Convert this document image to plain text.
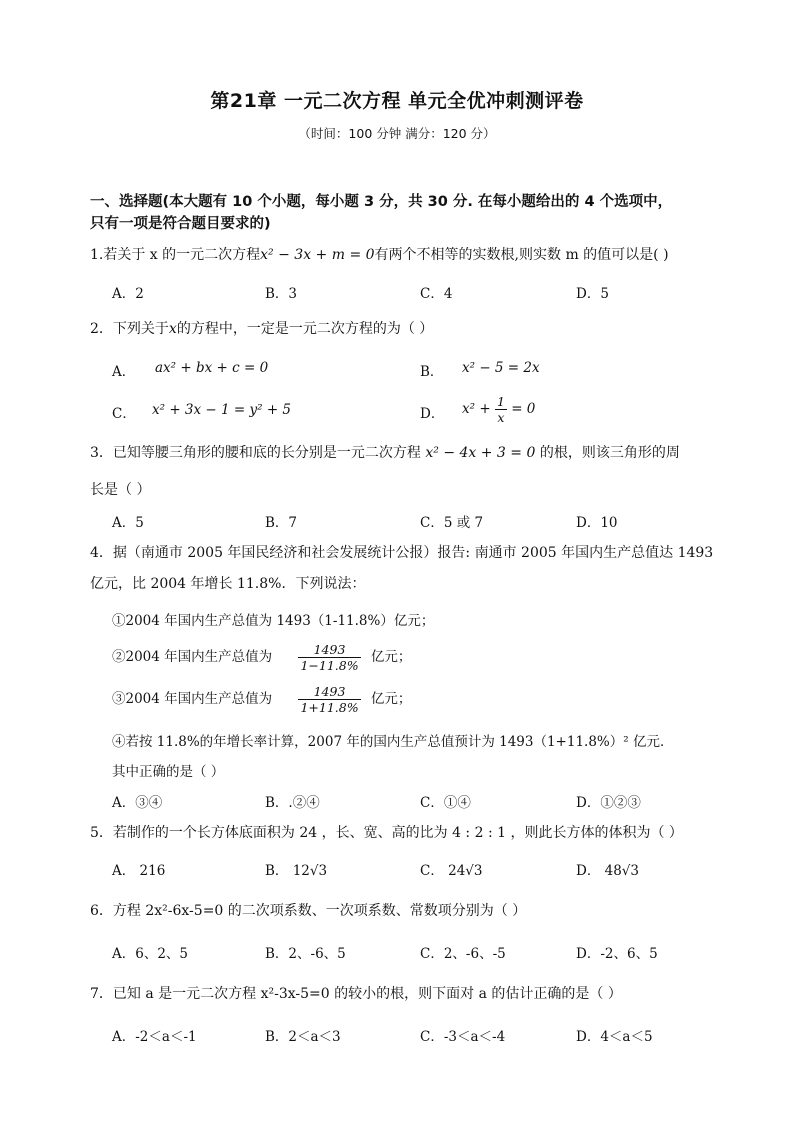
第21章 一元二次方程 单元全优冲刺测评卷
（时间：100 分钟 满分：120 分）
一、选择题(本大题有 10 个小题，每小题 3 分，共 30 分. 在每小题给出的 4 个选项中，
只有一项是符合题目要求的)
1.若关于 x 的一元二次方程x² − 3x + m = 0有两个不相等的实数根,则实数 m 的值可以是( )
A．2	B．3	C．4	D．5
2．下列关于x的方程中，一定是一元二次方程的为（ ）
A． ax² + bx + c = 0	B． x² − 5 = 2x
C． x² + 3x − 1 = y² + 5	D． $x^2 + \frac{1}{x} = 0$
3．已知等腰三角形的腰和底的长分别是一元二次方程 x² − 4x + 3 = 0 的根，则该三角形的周
长是（ ）
A．5	B．7	C．5 或 7	D．10
4．据（南通市 2005 年国民经济和社会发展统计公报）报告: 南通市 2005 年国内生产总值达 1493
亿元，比 2004 年增长 11.8%．下列说法：
①2004 年国内生产总值为 1493（1-11.8%）亿元；
②2004 年国内生产总值为 $\frac{1493}{1-11.8\%}$ 亿元；
③2004 年国内生产总值为 $\frac{1493}{1+11.8\%}$ 亿元；
④若按 11.8%的年增长率计算，2007 年的国内生产总值预计为 1493（1+11.8%）² 亿元．
其中正确的是（ ）
A．③④	B．.②④	C．①④	D．①②③
5．若制作的一个长方体底面积为 24 ，长、宽、高的比为 4 : 2 : 1 ，则此长方体的体积为（ ）
A． 216	B． 12√3	C． 24√3	D． 48√3
6．方程 2x²-6x-5=0 的二次项系数、一次项系数、常数项分别为（ ）
A．6、2、5	B．2、-6、5	C．2、-6、-5	D．-2、6、5
7．已知 a 是一元二次方程 x²-3x-5=0 的较小的根，则下面对 a 的估计正确的是（ ）
A．-2＜a＜-1	B．2＜a＜3	C．-3＜a＜-4	D．4＜a＜5
